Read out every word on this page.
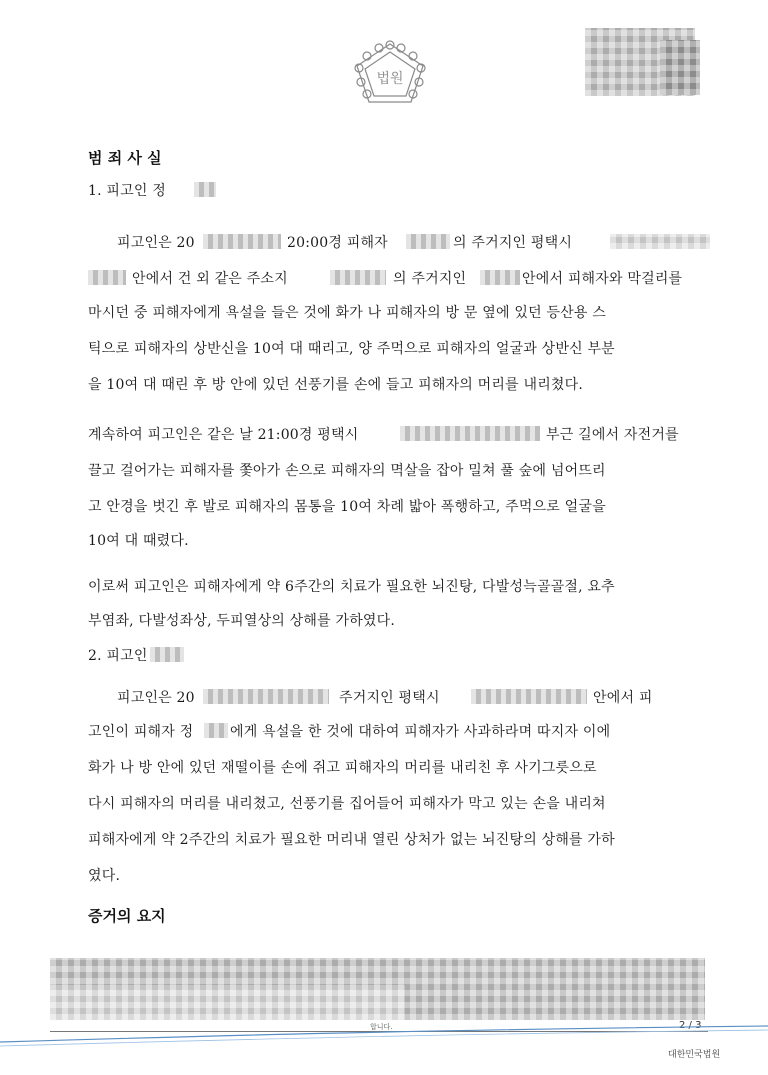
법원
범 죄 사 실
1. 피고인 정
피고인은 20	20:00경 피해자	의 주거지인 평택시
안에서 건 외 같은 주소지	의 주거지인	안에서 피해자와 막걸리를
마시던 중 피해자에게 욕설을 들은 것에 화가 나 피해자의 방 문 옆에 있던 등산용 스
틱으로 피해자의 상반신을 10여 대 때리고, 양 주먹으로 피해자의 얼굴과 상반신 부분
을 10여 대 때린 후 방 안에 있던 선풍기를 손에 들고 피해자의 머리를 내리쳤다.
계속하여 피고인은 같은 날 21:00경 평택시	부근 길에서 자전거를
끌고 걸어가는 피해자를 쫓아가 손으로 피해자의 멱살을 잡아 밀쳐 풀 숲에 넘어뜨리
고 안경을 벗긴 후 발로 피해자의 몸통을 10여 차례 밟아 폭행하고, 주먹으로 얼굴을
10여 대 때렸다.
이로써 피고인은 피해자에게 약 6주간의 치료가 필요한 뇌진탕, 다발성늑골골절, 요추
부염좌, 다발성좌상, 두피열상의 상해를 가하였다.
2. 피고인
피고인은 20	주거지인 평택시	안에서 피
고인이 피해자 정	에게 욕설을 한 것에 대하여 피해자가 사과하라며 따지자 이에
화가 나 방 안에 있던 재떨이를 손에 쥐고 피해자의 머리를 내리친 후 사기그릇으로
다시 피해자의 머리를 내리쳤고, 선풍기를 집어들어 피해자가 막고 있는 손을 내리쳐
피해자에게 약 2주간의 치료가 필요한 머리내 열린 상처가 없는 뇌진탕의 상해를 가하
였다.
증거의 요지
합니다.	2 / 3
대한민국법원
